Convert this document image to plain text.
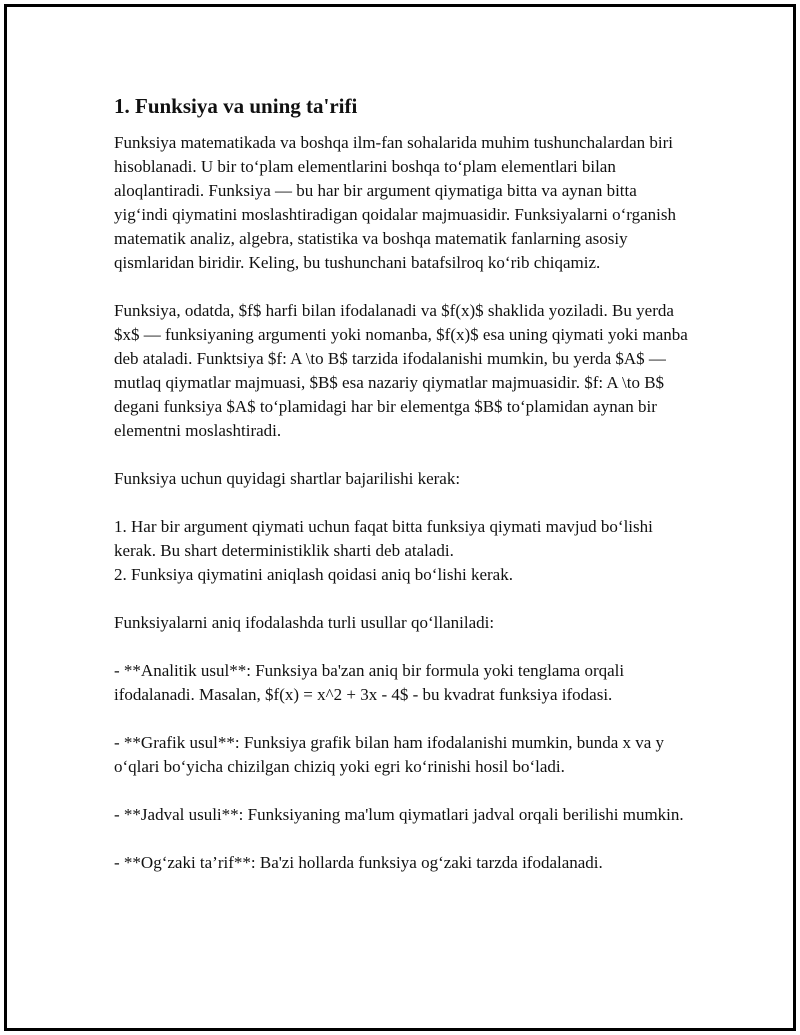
1. Funksiya va uning ta'rifi

Funksiya matematikada va boshqa ilm-fan sohalarida muhim tushunchalardan biri hisoblanadi. U bir to‘plam elementlarini boshqa to‘plam elementlari bilan aloqlantiradi. Funksiya — bu har bir argument qiymatiga bitta va aynan bitta yig‘indi qiymatini moslashtiradigan qoidalar majmuasidir. Funksiyalarni o‘rganish matematik analiz, algebra, statistika va boshqa matematik fanlarning asosiy qismlaridan biridir. Keling, bu tushunchani batafsilroq ko‘rib chiqamiz.

Funksiya, odatda, $f$ harfi bilan ifodalanadi va $f(x)$ shaklida yoziladi. Bu yerda $x$ — funksiyaning argumenti yoki nomanba, $f(x)$ esa uning qiymati yoki manba deb ataladi. Funktsiya $f: A \to B$ tarzida ifodalanishi mumkin, bu yerda $A$ — mutlaq qiymatlar majmuasi, $B$ esa nazariy qiymatlar majmuasidir. $f: A \to B$ degani funksiya $A$ to‘plamidagi har bir elementga $B$ to‘plamidan aynan bir elementni moslashtiradi.

Funksiya uchun quyidagi shartlar bajarilishi kerak:

1. Har bir argument qiymati uchun faqat bitta funksiya qiymati mavjud bo‘lishi kerak. Bu shart deterministiklik sharti deb ataladi.
2. Funksiya qiymatini aniqlash qoidasi aniq bo‘lishi kerak.

Funksiyalarni aniq ifodalashda turli usullar qo‘llaniladi:

- **Analitik usul**: Funksiya ba'zan aniq bir formula yoki tenglama orqali ifodalanadi. Masalan, $f(x) = x^2 + 3x - 4$ - bu kvadrat funksiya ifodasi.

- **Grafik usul**: Funksiya grafik bilan ham ifodalanishi mumkin, bunda x va y o‘qlari bo‘yicha chizilgan chiziq yoki egri ko‘rinishi hosil bo‘ladi.

- **Jadval usuli**: Funksiyaning ma'lum qiymatlari jadval orqali berilishi mumkin.

- **Og‘zaki ta’rif**: Ba'zi hollarda funksiya og‘zaki tarzda ifodalanadi.
